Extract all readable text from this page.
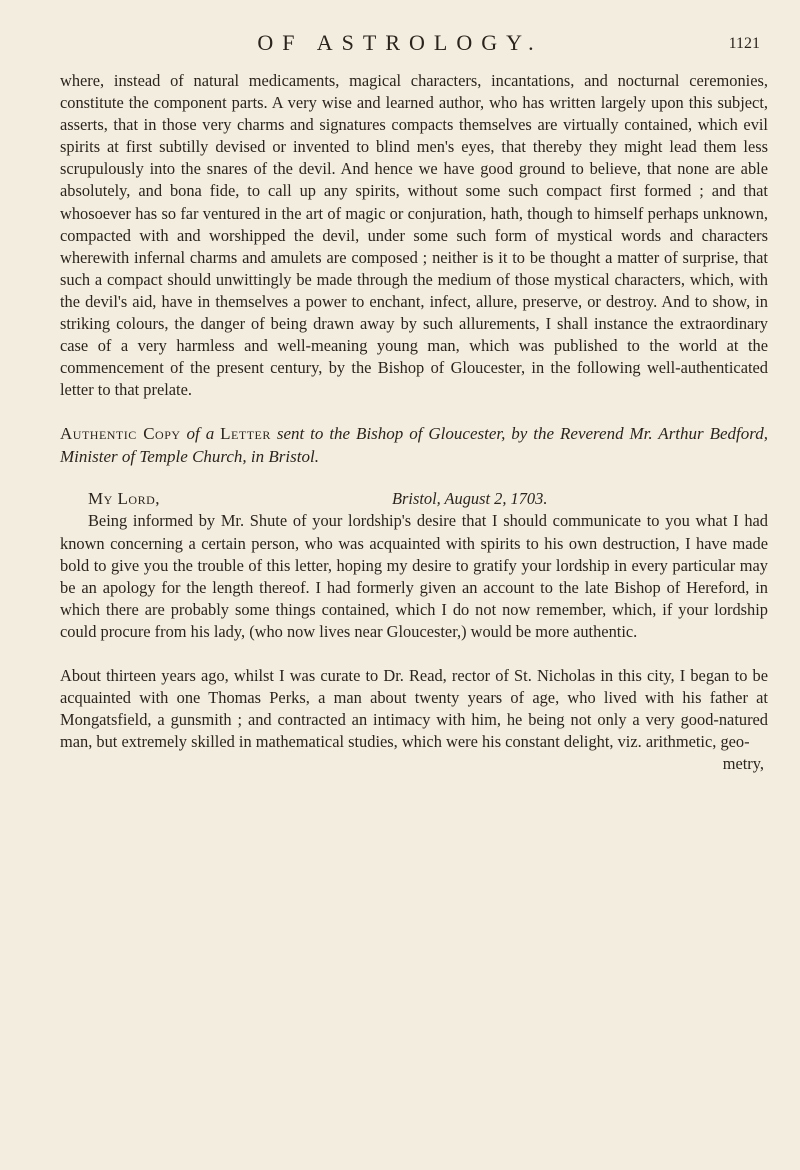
OF ASTROLOGY.	1121

where, instead of natural medicaments, magical characters, incantations, and nocturnal ceremonies, constitute the component parts. A very wise and learned author, who has written largely upon this subject, asserts, that in those very charms and signatures compacts themselves are virtually contained, which evil spirits at first subtilly devised or invented to blind men's eyes, that thereby they might lead them less scrupulously into the snares of the devil. And hence we have good ground to believe, that none are able absolutely, and bona fide, to call up any spirits, without some such compact first formed ; and that whosoever has so far ventured in the art of magic or conjuration, hath, though to himself perhaps unknown, compacted with and worshipped the devil, under some such form of mystical words and characters wherewith infernal charms and amulets are composed ; neither is it to be thought a matter of surprise, that such a compact should unwittingly be made through the medium of those mystical characters, which, with the devil's aid, have in themselves a power to enchant, infect, allure, preserve, or destroy. And to show, in striking colours, the danger of being drawn away by such allurements, I shall instance the extraordinary case of a very harmless and well-meaning young man, which was published to the world at the commencement of the present century, by the Bishop of Gloucester, in the following well-authenticated letter to that prelate.

Authentic Copy of a Letter sent to the Bishop of Gloucester, by the Reverend Mr. Arthur Bedford, Minister of Temple Church, in Bristol.

My Lord,	Bristol, August 2, 1703.

Being informed by Mr. Shute of your lordship's desire that I should communicate to you what I had known concerning a certain person, who was acquainted with spirits to his own destruction, I have made bold to give you the trouble of this letter, hoping my desire to gratify your lordship in every particular may be an apology for the length thereof. I had formerly given an account to the late Bishop of Hereford, in which there are probably some things contained, which I do not now remember, which, if your lordship could procure from his lady, (who now lives near Gloucester,) would be more authentic.

About thirteen years ago, whilst I was curate to Dr. Read, rector of St. Nicholas in this city, I began to be acquainted with one Thomas Perks, a man about twenty years of age, who lived with his father at Mongatsfield, a gunsmith ; and contracted an intimacy with him, he being not only a very good-natured man, but extremely skilled in mathematical studies, which were his constant delight, viz. arithmetic, geo-

metry,
